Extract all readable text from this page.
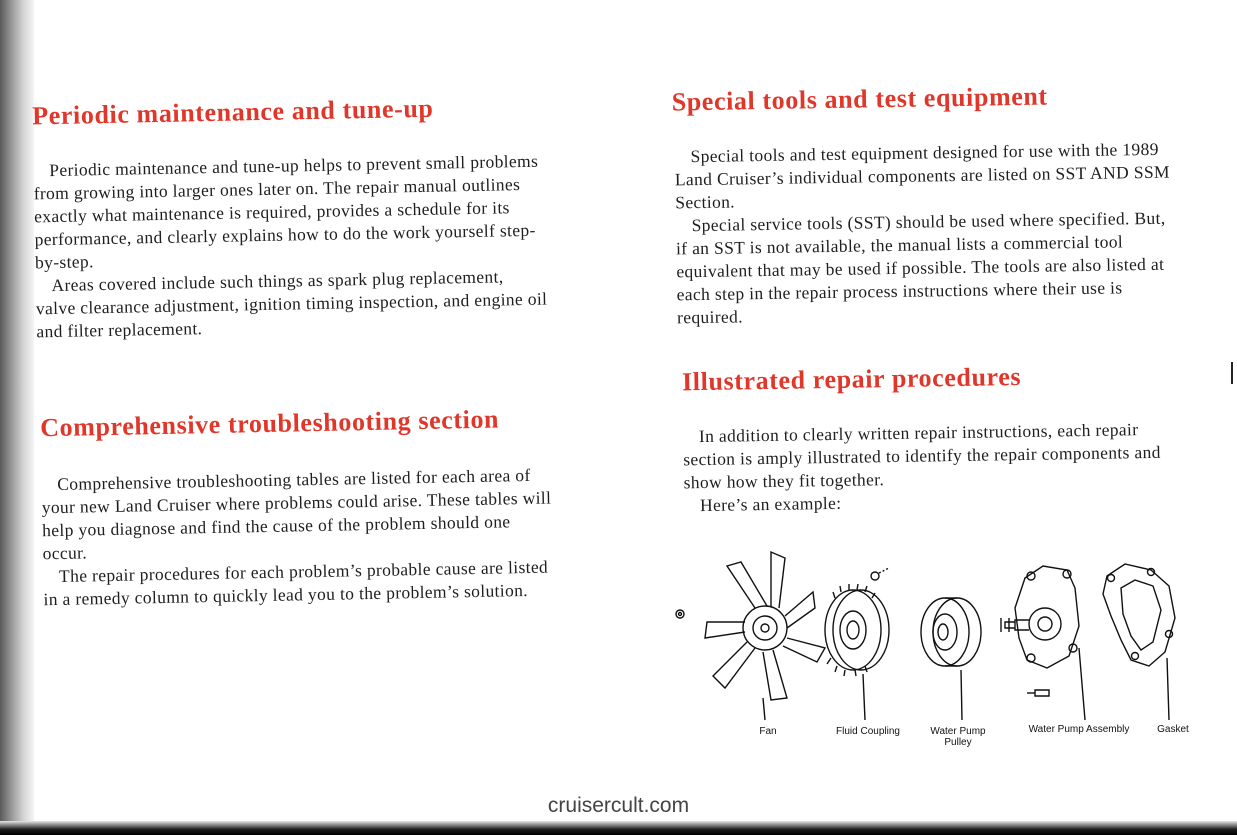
Periodic maintenance and tune-up

Periodic maintenance and tune-up helps to prevent small problems from growing into larger ones later on. The repair manual outlines exactly what maintenance is required, provides a schedule for its performance, and clearly explains how to do the work yourself step-by-step.

Areas covered include such things as spark plug replacement, valve clearance adjustment, ignition timing inspection, and engine oil and filter replacement.

Comprehensive troubleshooting section

Comprehensive troubleshooting tables are listed for each area of your new Land Cruiser where problems could arise. These tables will help you diagnose and find the cause of the problem should one occur.

The repair procedures for each problem’s probable cause are listed in a remedy column to quickly lead you to the problem’s solution.

Special tools and test equipment

Special tools and test equipment designed for use with the 1989 Land Cruiser’s individual components are listed on SST AND SSM Section.

Special service tools (SST) should be used where specified. But, if an SST is not available, the manual lists a commercial tool equivalent that may be used if possible. The tools are also listed at each step in the repair process instructions where their use is required.

Illustrated repair procedures

In addition to clearly written repair instructions, each repair section is amply illustrated to identify the repair components and show how they fit together.

Here’s an example:

Fan	Fluid Coupling	Water Pump
Pulley
Water Pump Assembly	Gasket
cruisercult.com
